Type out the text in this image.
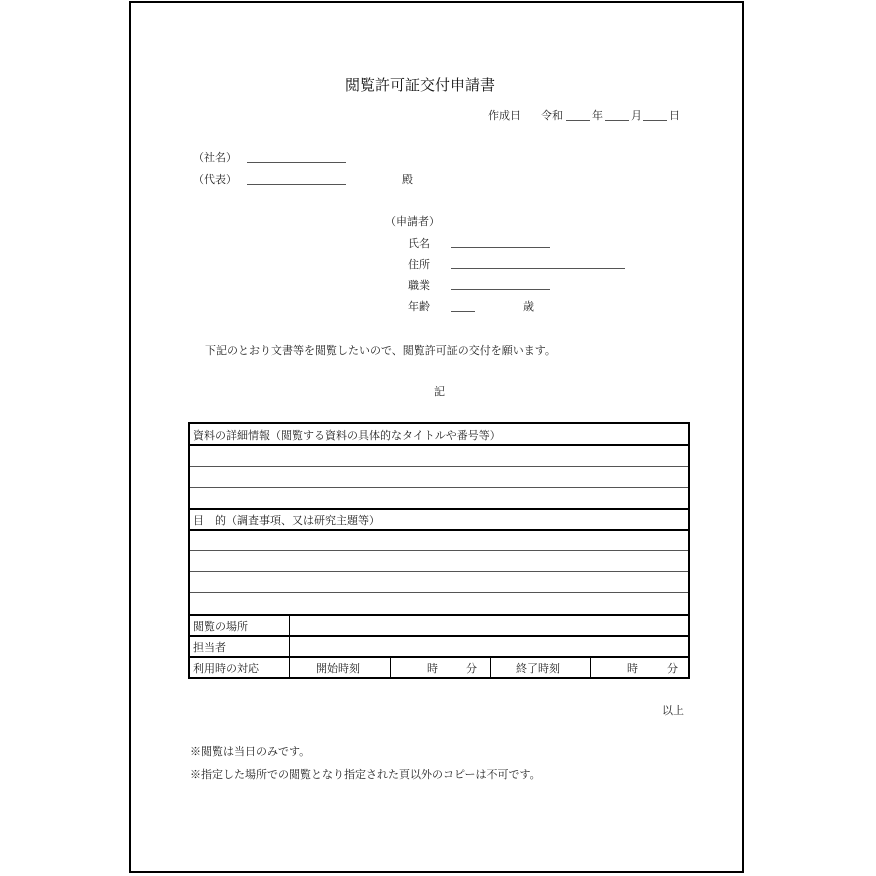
閲覧許可証交付申請書
作成日 令和	年	月 日
（社名）
（代表）	殿
（申請者）
氏名
住所
職業
年齢	歳
下記のとおり文書等を閲覧したいので、閲覧許可証の交付を願います。
記
資料の詳細情報（閲覧する資料の具体的なタイトルや番号等）
目　的（調査事項、又は研究主題等）
閲覧の場所
担当者
利用時の対応	開始時刻	時	分	終了時刻	時	分
以上
※閲覧は当日のみです。
※指定した場所での閲覧となり指定された頁以外のコピーは不可です。
